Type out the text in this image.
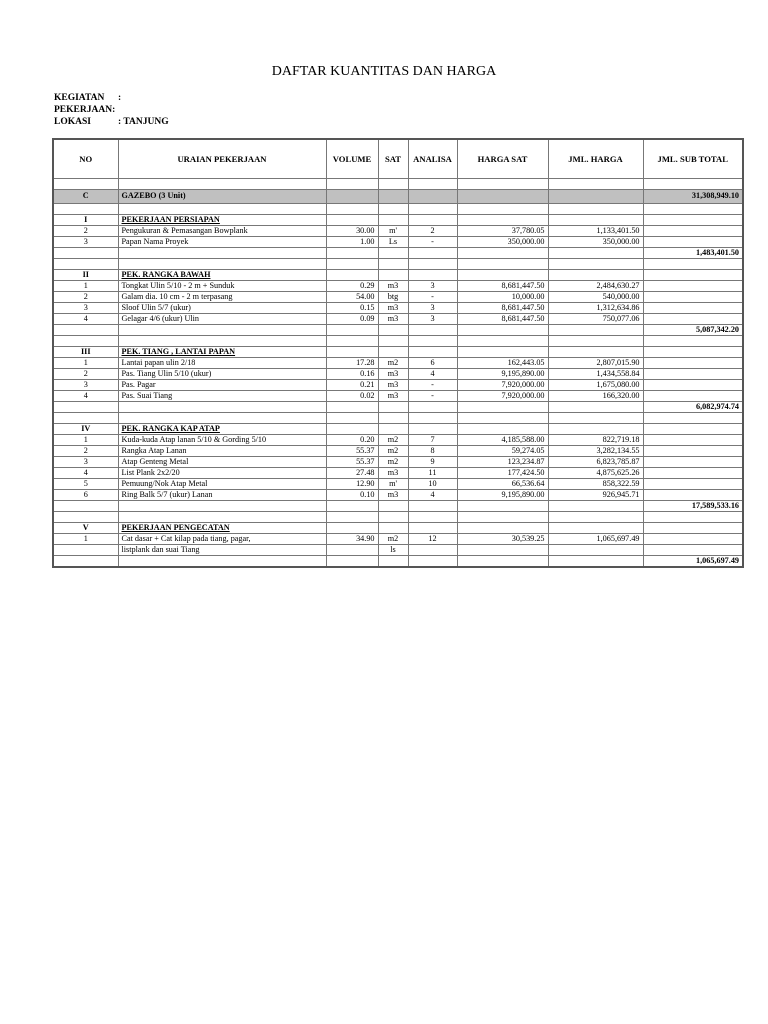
DAFTAR KUANTITAS DAN HARGA
KEGIATAN :
PEKERJAAN:
LOKASI	: TANJUNG
NO	URAIAN PEKERJAAN	VOLUME	SAT	ANALISA	HARGA SAT	JML. HARGA	JML. SUB TOTAL

C	GAZEBO (3 Unit)						31,308,949.10

I	PEKERJAAN PERSIAPAN						
2	Pengukuran & Pemasangan Bowplank	30.00	m'	2	37,780.05	1,133,401.50	
3	Papan Nama Proyek	1.00	Ls	-	350,000.00	350,000.00	
							1,483,401.50

II	PEK. RANGKA BAWAH						
1	Tongkat Ulin 5/10 - 2 m + Sunduk	0.29	m3	3	8,681,447.50	2,484,630.27	
2	Galam dia. 10 cm - 2 m terpasang	54.00	btg	-	10,000.00	540,000.00	
3	Sloof Ulin 5/7 (ukur)	0.15	m3	3	8,681,447.50	1,312,634.86	
4	Gelagar 4/6 (ukur) Ulin	0.09	m3	3	8,681,447.50	750,077.06	
							5,087,342.20

III	PEK. TIANG , LANTAI PAPAN						
1	Lantai papan ulin 2/18	17.28	m2	6	162,443.05	2,807,015.90	
2	Pas. Tiang Ulin 5/10 (ukur)	0.16	m3	4	9,195,890.00	1,434,558.84	
3	Pas. Pagar	0.21	m3	-	7,920,000.00	1,675,080.00	
4	Pas. Suai Tiang	0.02	m3	-	7,920,000.00	166,320.00	
							6,082,974.74

IV	PEK. RANGKA KAP ATAP						
1	Kuda-kuda Atap lanan 5/10 & Gording 5/10	0.20	m2	7	4,185,588.00	822,719.18	
2	Rangka Atap Lanan	55.37	m2	8	59,274.05	3,282,134.55	
3	Atap Genteng Metal	55.37	m2	9	123,234.87	6,823,785.87	
4	List Plank 2x2/20	27.48	m3	11	177,424.50	4,875,625.26	
5	Pemuung/Nok Atap Metal	12.90	m'	10	66,536.64	858,322.59	
6	Ring Balk 5/7 (ukur) Lanan	0.10	m3	4	9,195,890.00	926,945.71	
							17,589,533.16

V	PEKERJAAN PENGECATAN						
1	Cat dasar + Cat kilap pada tiang, pagar,	34.90	m2	12	30,539.25	1,065,697.49	
	listplank dan suai Tiang		ls				
							1,065,697.49
